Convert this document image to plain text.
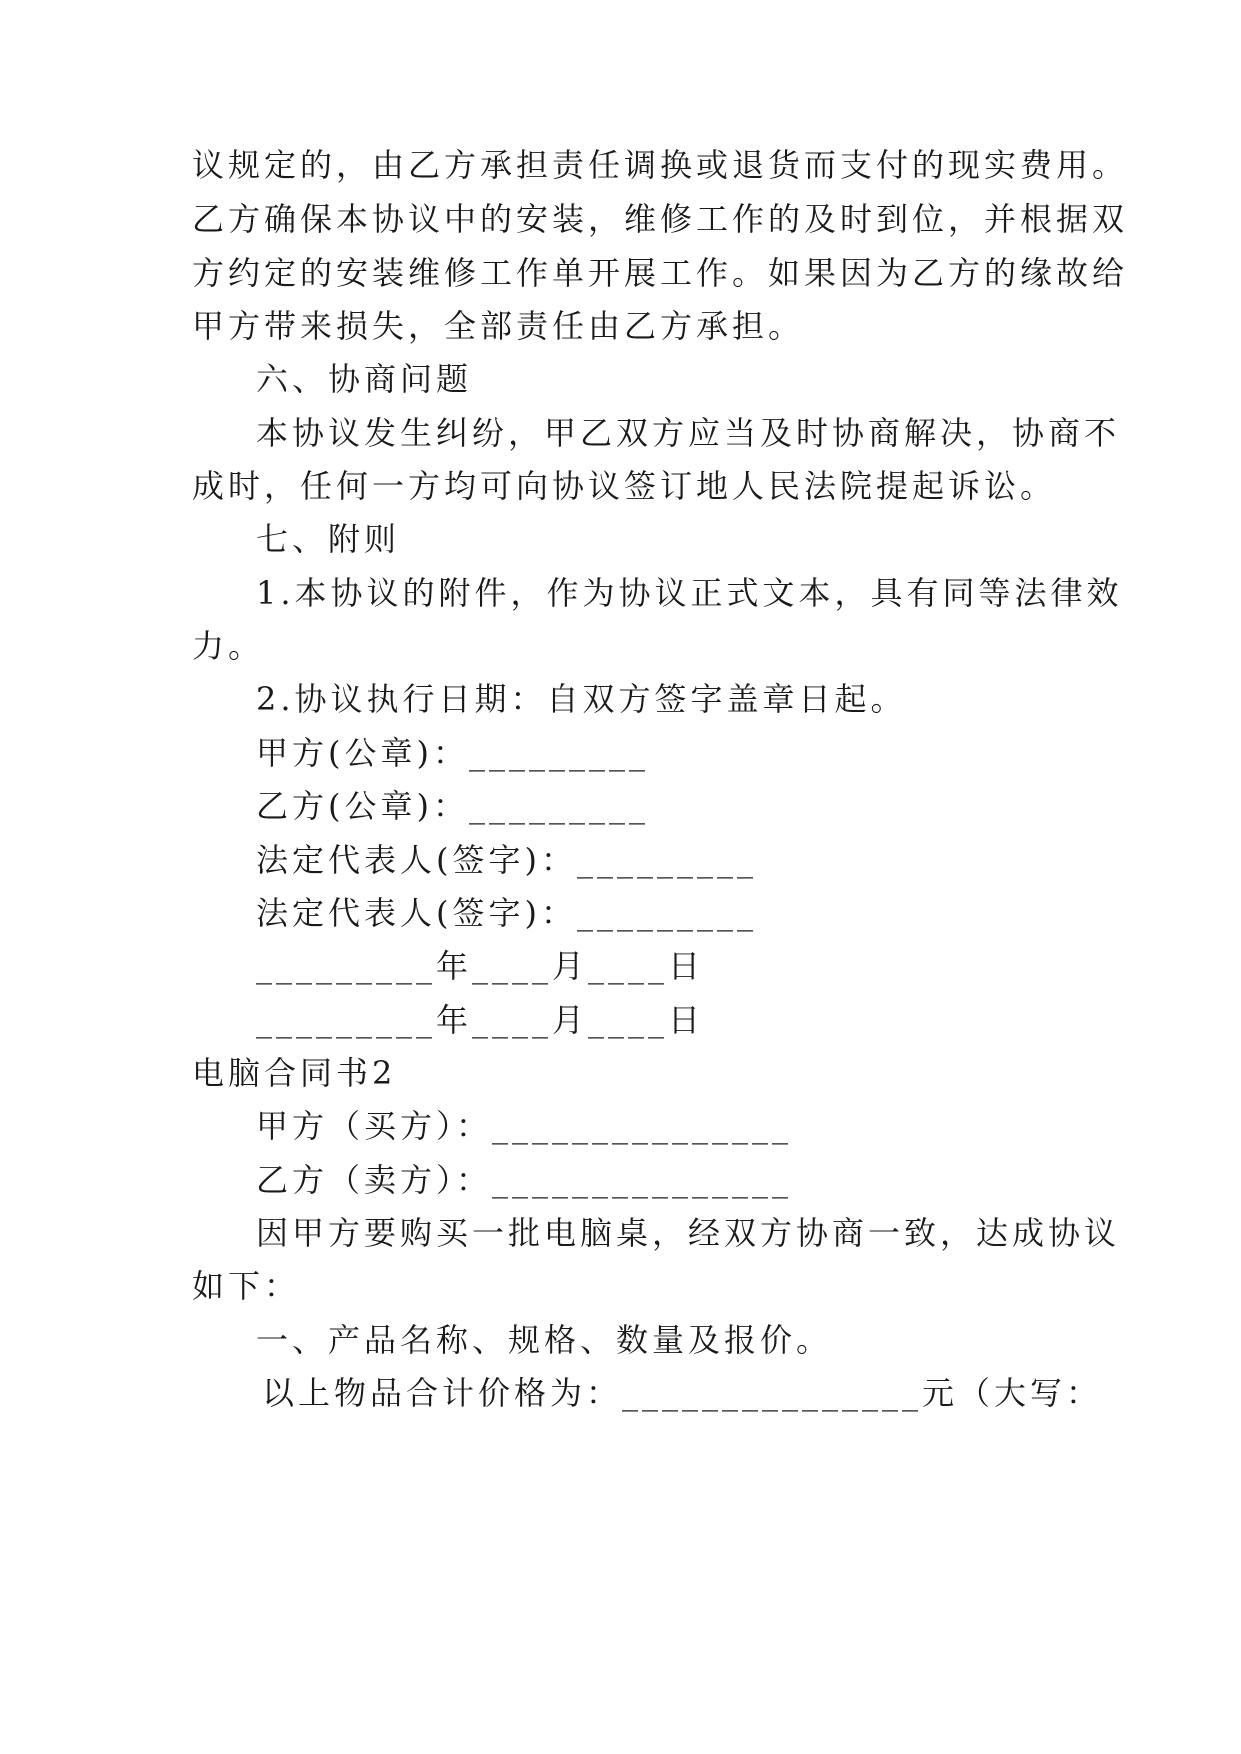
议规定的，由乙方承担责任调换或退货而支付的现实费用。
乙方确保本协议中的安装，维修工作的及时到位，并根据双
方约定的安装维修工作单开展工作。如果因为乙方的缘故给
甲方带来损失，全部责任由乙方承担。
六、协商问题
本协议发生纠纷，甲乙双方应当及时协商解决，协商不
成时，任何一方均可向协议签订地人民法院提起诉讼。
七、附则
1.本协议的附件，作为协议正式文本，具有同等法律效
力。
2.协议执行日期：自双方签字盖章日起。
甲方(公章)：_________
乙方(公章)：_________
法定代表人(签字)：_________
法定代表人(签字)：_________
_________年____月____日
_________年____月____日
电脑合同书2
甲方（买方）：_______________
乙方（卖方）：_______________
因甲方要购买一批电脑桌，经双方协商一致，达成协议
如下：
一、产品名称、规格、数量及报价。
以上物品合计价格为：_______________元（大写：
